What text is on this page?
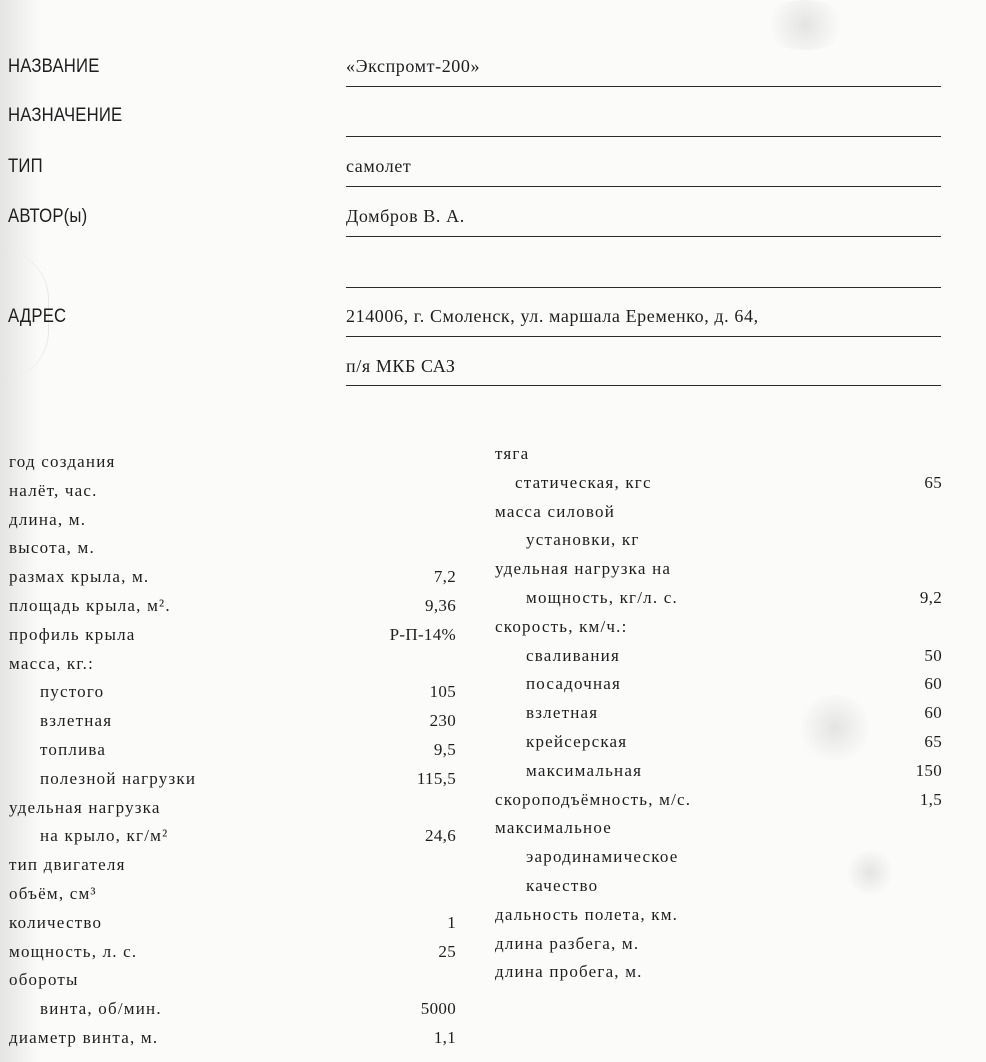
НАЗВАНИЕ	«Экспромт-200»
НАЗНАЧЕНИЕ
ТИП	самолет
АВТОР(ы)	Домбров В. А.
АДРЕС	214006, г. Смоленск, ул. маршала Еременко, д. 64,
п/я МКБ САЗ
год создания
налёт, час.
длина, м.
высота, м.
размах крыла, м.	7,2
площадь крыла, м².	9,36
профиль крыла	Р-П-14%
масса, кг.:
пустого	105
взлетная	230
топлива	9,5
полезной нагрузки	115,5
удельная нагрузка
на крыло, кг/м²	24,6
тип двигателя
объём, см³
количество	1
мощность, л. с.	25
обороты
винта, об/мин.	5000
диаметр винта, м.	1,1
тяга
статическая, кгс	65
масса силовой
установки, кг
удельная нагрузка на
мощность, кг/л. с.	9,2
скорость, км/ч.:
сваливания	50
посадочная	60
взлетная	60
крейсерская	65
максимальная	150
скороподъёмность, м/с.	1,5
максимальное
эародинамическое
качество
дальность полета, км.
длина разбега, м.
длина пробега, м.
